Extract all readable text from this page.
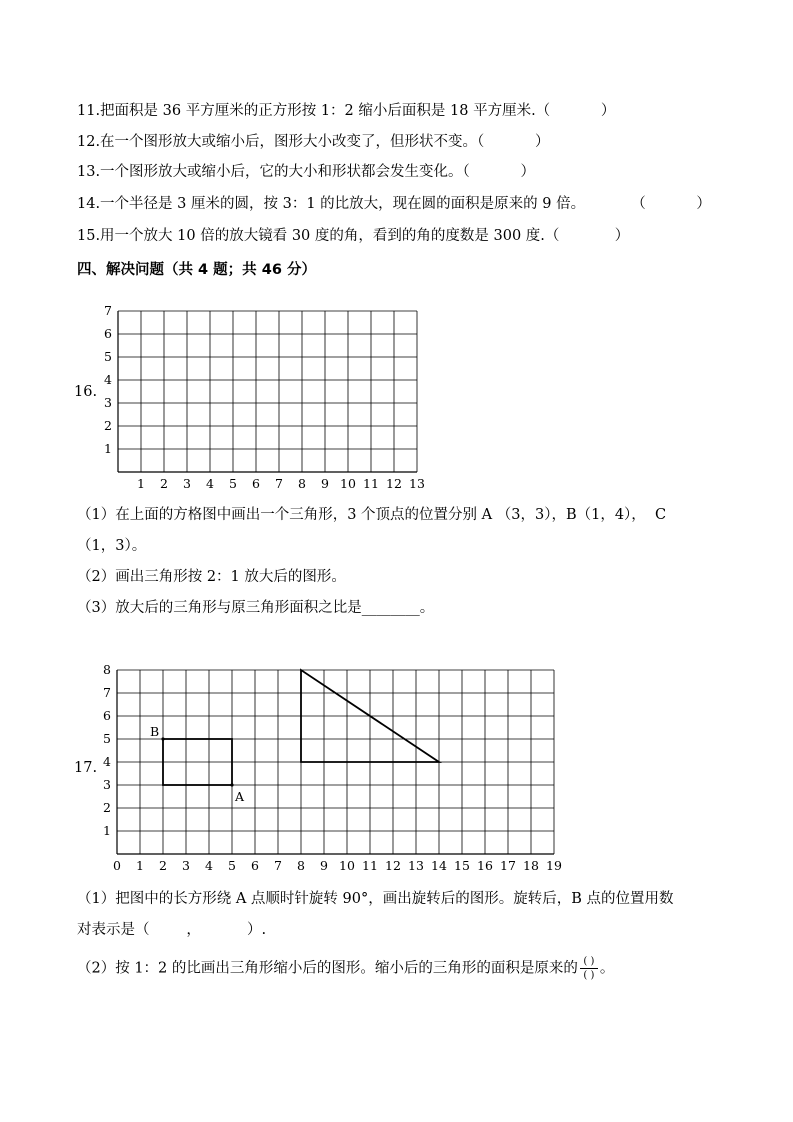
11.把面积是 36 平方厘米的正方形按 1：2 缩小后面积是 18 平方厘米.（           ）
12.在一个图形放大或缩小后，图形大小改变了，但形状不变。（           ）
13.一个图形放大或缩小后，它的大小和形状都会发生变化。（           ）
14.一个半径是 3 厘米的圆，按 3：1 的比放大，现在圆的面积是原来的 9 倍。          （           ）
15.用一个放大 10 倍的放大镜看 30 度的角，看到的角的度数是 300 度.（            ）
四、解决问题（共 4 题；共 46 分）
16.
1 2 3 4 5 6 7 8 9 10 11 12 13
1
2
3
4
5
6
7
（1）在上面的方格图中画出一个三角形，3 个顶点的位置分别 A （3，3），B（1，4），  C
（1，3）。
（2）画出三角形按 2：1 放大后的图形。
（3）放大后的三角形与原三角形面积之比是________。
17.
0 1 2 3 4 5 6 7 8 9 10 11 12 13 14 15 16 17 18 19
1
2
3
4
5
6
7
8
B
A
（1）把图中的长方形绕 A 点顺时针旋转 90°，画出旋转后的图形。旋转后，B 点的位置用数
对表示是（        ，          ）.
（2）按 1：2 的比画出三角形缩小后的图形。缩小后的三角形的面积是原来的 $\frac{( )}{( )}$ 。
